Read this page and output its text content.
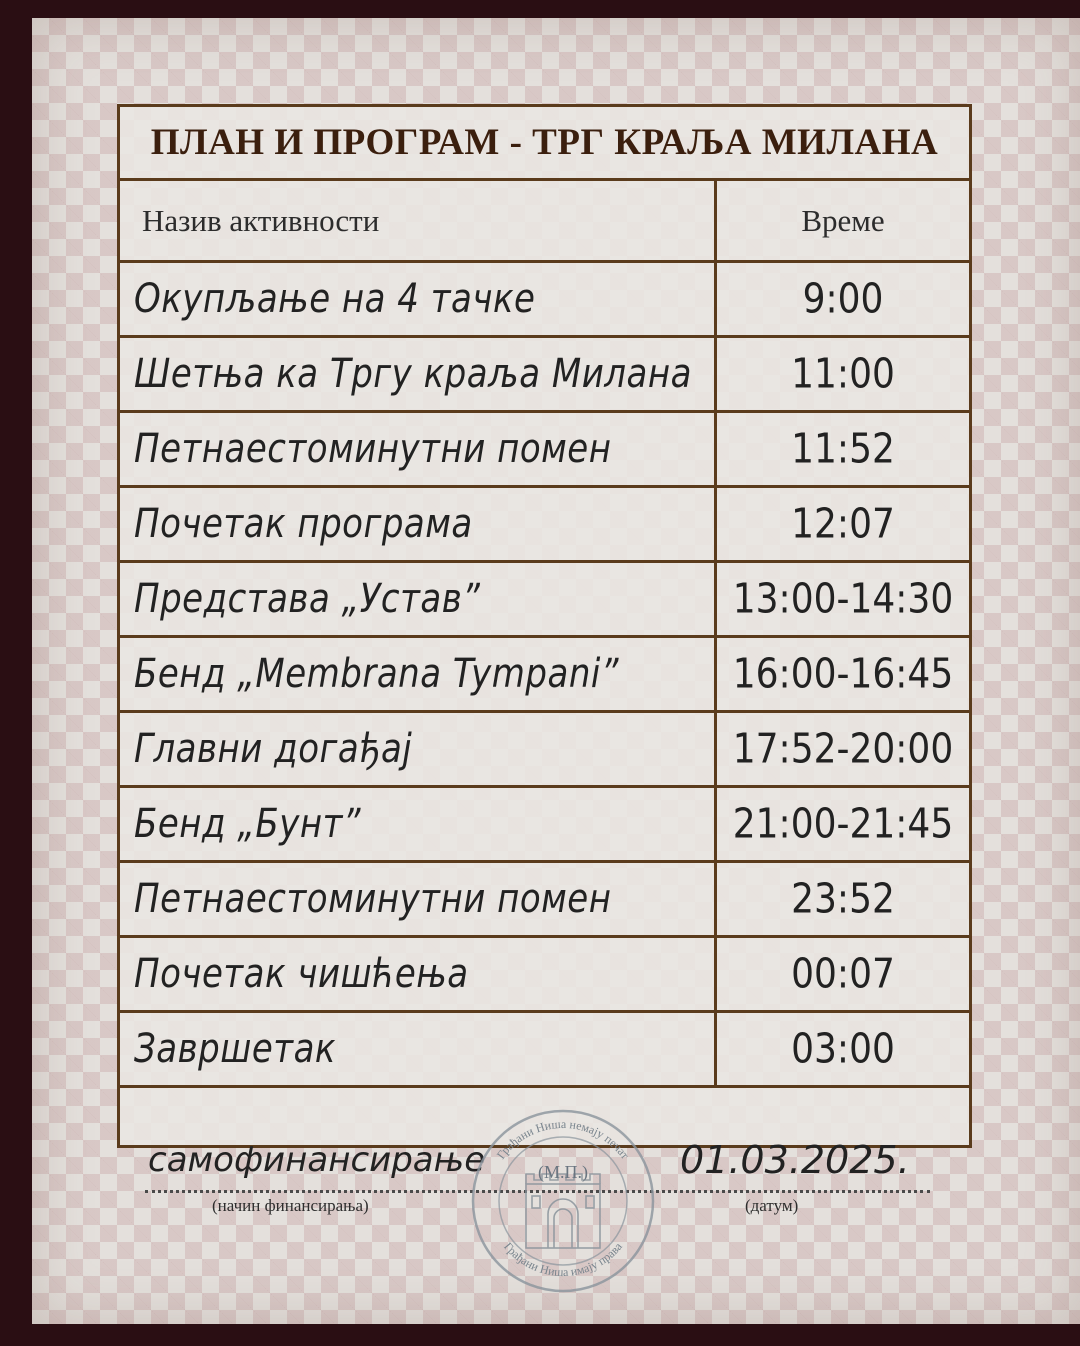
ПЛАН И ПРОГРАМ - ТРГ КРАЉА МИЛАНА
Назив активности	Време
Окупљање на 4 тачке	9:00
Шетња ка Тргу краља Милана	11:00
Петнаестоминутни помен	11:52
Почетак програма	12:07
Представа „Устав”	13:00-14:30
Бенд „Membrana Tympani”	16:00-16:45
Главни догађај	17:52-20:00
Бенд „Бунт”	21:00-21:45
Петнаестоминутни помен	23:52
Почетак чишћења	00:07
Завршетак	03:00
самофинансирање	01.03.2025.
(начин финансирања)	(датум)
Грађани Ниша немају печат
Грађани Ниша имају права
(М.П.)
